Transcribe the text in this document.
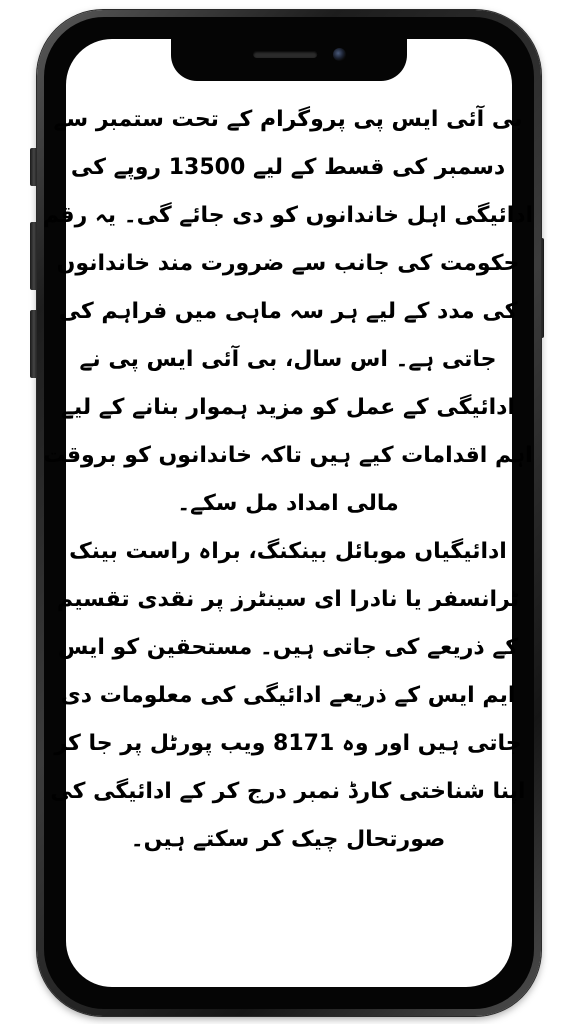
بی آئی ایس پی پروگرام کے تحت ستمبر سے دسمبر کی قسط کے لیے 13500 روپے کی ادائیگی اہل خاندانوں کو دی جائے گی۔ یہ رقم حکومت کی جانب سے ضرورت مند خاندانوں کی مدد کے لیے ہر سہ ماہی میں فراہم کی جاتی ہے۔ اس سال، بی آئی ایس پی نے ادائیگی کے عمل کو مزید ہموار بنانے کے لیے اہم اقدامات کیے ہیں تاکہ خاندانوں کو بروقت مالی امداد مل سکے۔

ادائیگیاں موبائل بینکنگ، براہ راست بینک ٹرانسفر یا نادرا ای سینٹرز پر نقدی تقسیم کے ذریعے کی جاتی ہیں۔ مستحقین کو ایس ایم ایس کے ذریعے ادائیگی کی معلومات دی جاتی ہیں اور وہ 8171 ویب پورٹل پر جا کر اپنا شناختی کارڈ نمبر درج کر کے ادائیگی کی صورتحال چیک کر سکتے ہیں۔
